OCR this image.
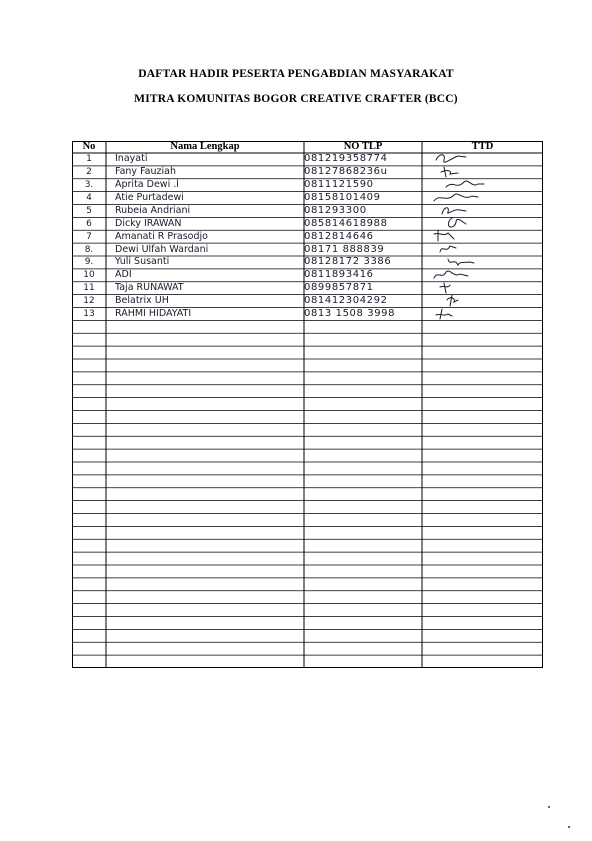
DAFTAR HADIR PESERTA PENGABDIAN MASYARAKAT
MITRA KOMUNITAS BOGOR CREATIVE CRAFTER (BCC)
No	Nama Lengkap	NO TLP	TTD
1	Inayati	081219358774
2	Fany Fauziah	08127868236u
3.	Aprita Dewi .l	0811121590
4	Atie Purtadewi	08158101409
5	Rubeia Andriani	081293300
6	Dicky IRAWAN	085814618988
7	Amanati R Prasodjo	0812814646
8.	Dewi Ulfah Wardani	08171 888839
9.	Yuli Susanti	08128172 3386
10	ADI	0811893416
11	Taja RUNAWAT	0899857871
12	Belatrix UH	081412304292
13	RAHMI HIDAYATI	0813 1508 3998
